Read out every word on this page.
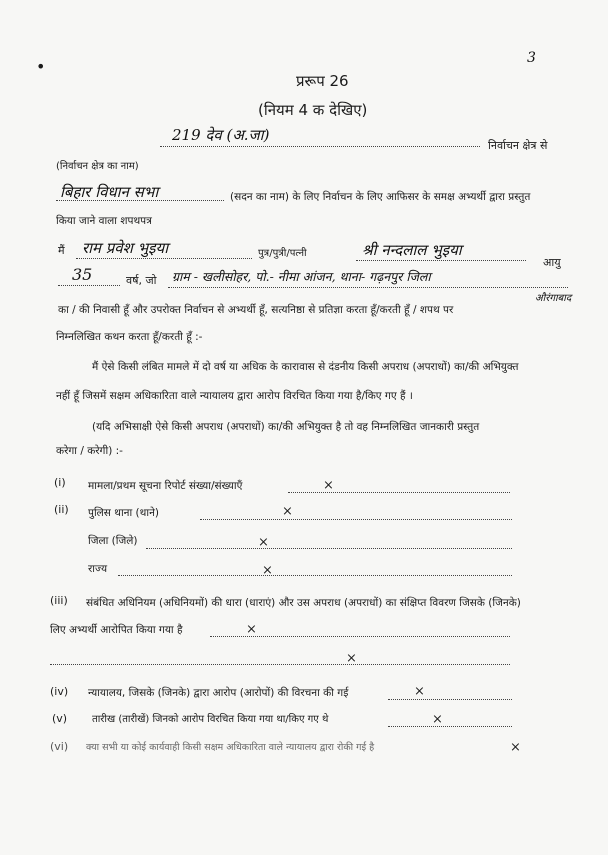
•	3
प्ररूप 26
(नियम 4 क देखिए)
219 देव (अ.जा)
निर्वाचन क्षेत्र से
(निर्वाचन क्षेत्र का नाम)
बिहार विधान सभा	(सदन का नाम) के लिए निर्वाचन के लिए आफिसर के समक्ष अभ्यर्थी द्वारा प्रस्तुत
किया जाने वाला शपथपत्र
मैं राम प्रवेश भुइया	पुत्र/पुत्री/पत्नी	श्री नन्दलाल भुइया
आयु
35	वर्ष, जो ग्राम - खलीसोहर, पो.- नीमा आंजन, थाना- गढ़नपुर जिला
औरंगाबाद
का / की निवासी हूँ और उपरोक्त निर्वाचन से अभ्यर्थी हूँ, सत्यनिष्ठा से प्रतिज्ञा करता हूँ/करती हूँ / शपथ पर
निम्नलिखित कथन करता हूँ/करती हूँ :-
मैं ऐसे किसी लंबित मामले में दो वर्ष या अधिक के कारावास से दंडनीय किसी अपराध (अपराधों) का/की अभियुक्त
नहीं हूँ जिसमें सक्षम अधिकारिता वाले न्यायालय द्वारा आरोप विरचित किया गया है/किए गए हैं ।
(यदि अभिसाक्षी ऐसे किसी अपराध (अपराधों) का/की अभियुक्त है तो वह निम्नलिखित जानकारी प्रस्तुत
करेगा / करेगी) :-
(i) मामला/प्रथम सूचना रिपोर्ट संख्या/संख्याएँ	×
(ii) पुलिस थाना (थाने)	×
जिला (जिले)	×
राज्य	×
(iii) संबंधित अधिनियम (अधिनियमों) की धारा (धाराएं) और उस अपराध (अपराधों) का संक्षिप्त विवरण जिसके (जिनके)
लिए अभ्यर्थी आरोपित किया गया है	×
×
(iv) न्यायालय, जिसके (जिनके) द्वारा आरोप (आरोपों) की विरचना की गई	×
(v) तारीख (तारीखें) जिनको आरोप विरचित किया गया था/किए गए थे	×
(vi) क्या सभी या कोई कार्यवाही किसी सक्षम अधिकारिता वाले न्यायालय द्वारा रोकी गई है	×
